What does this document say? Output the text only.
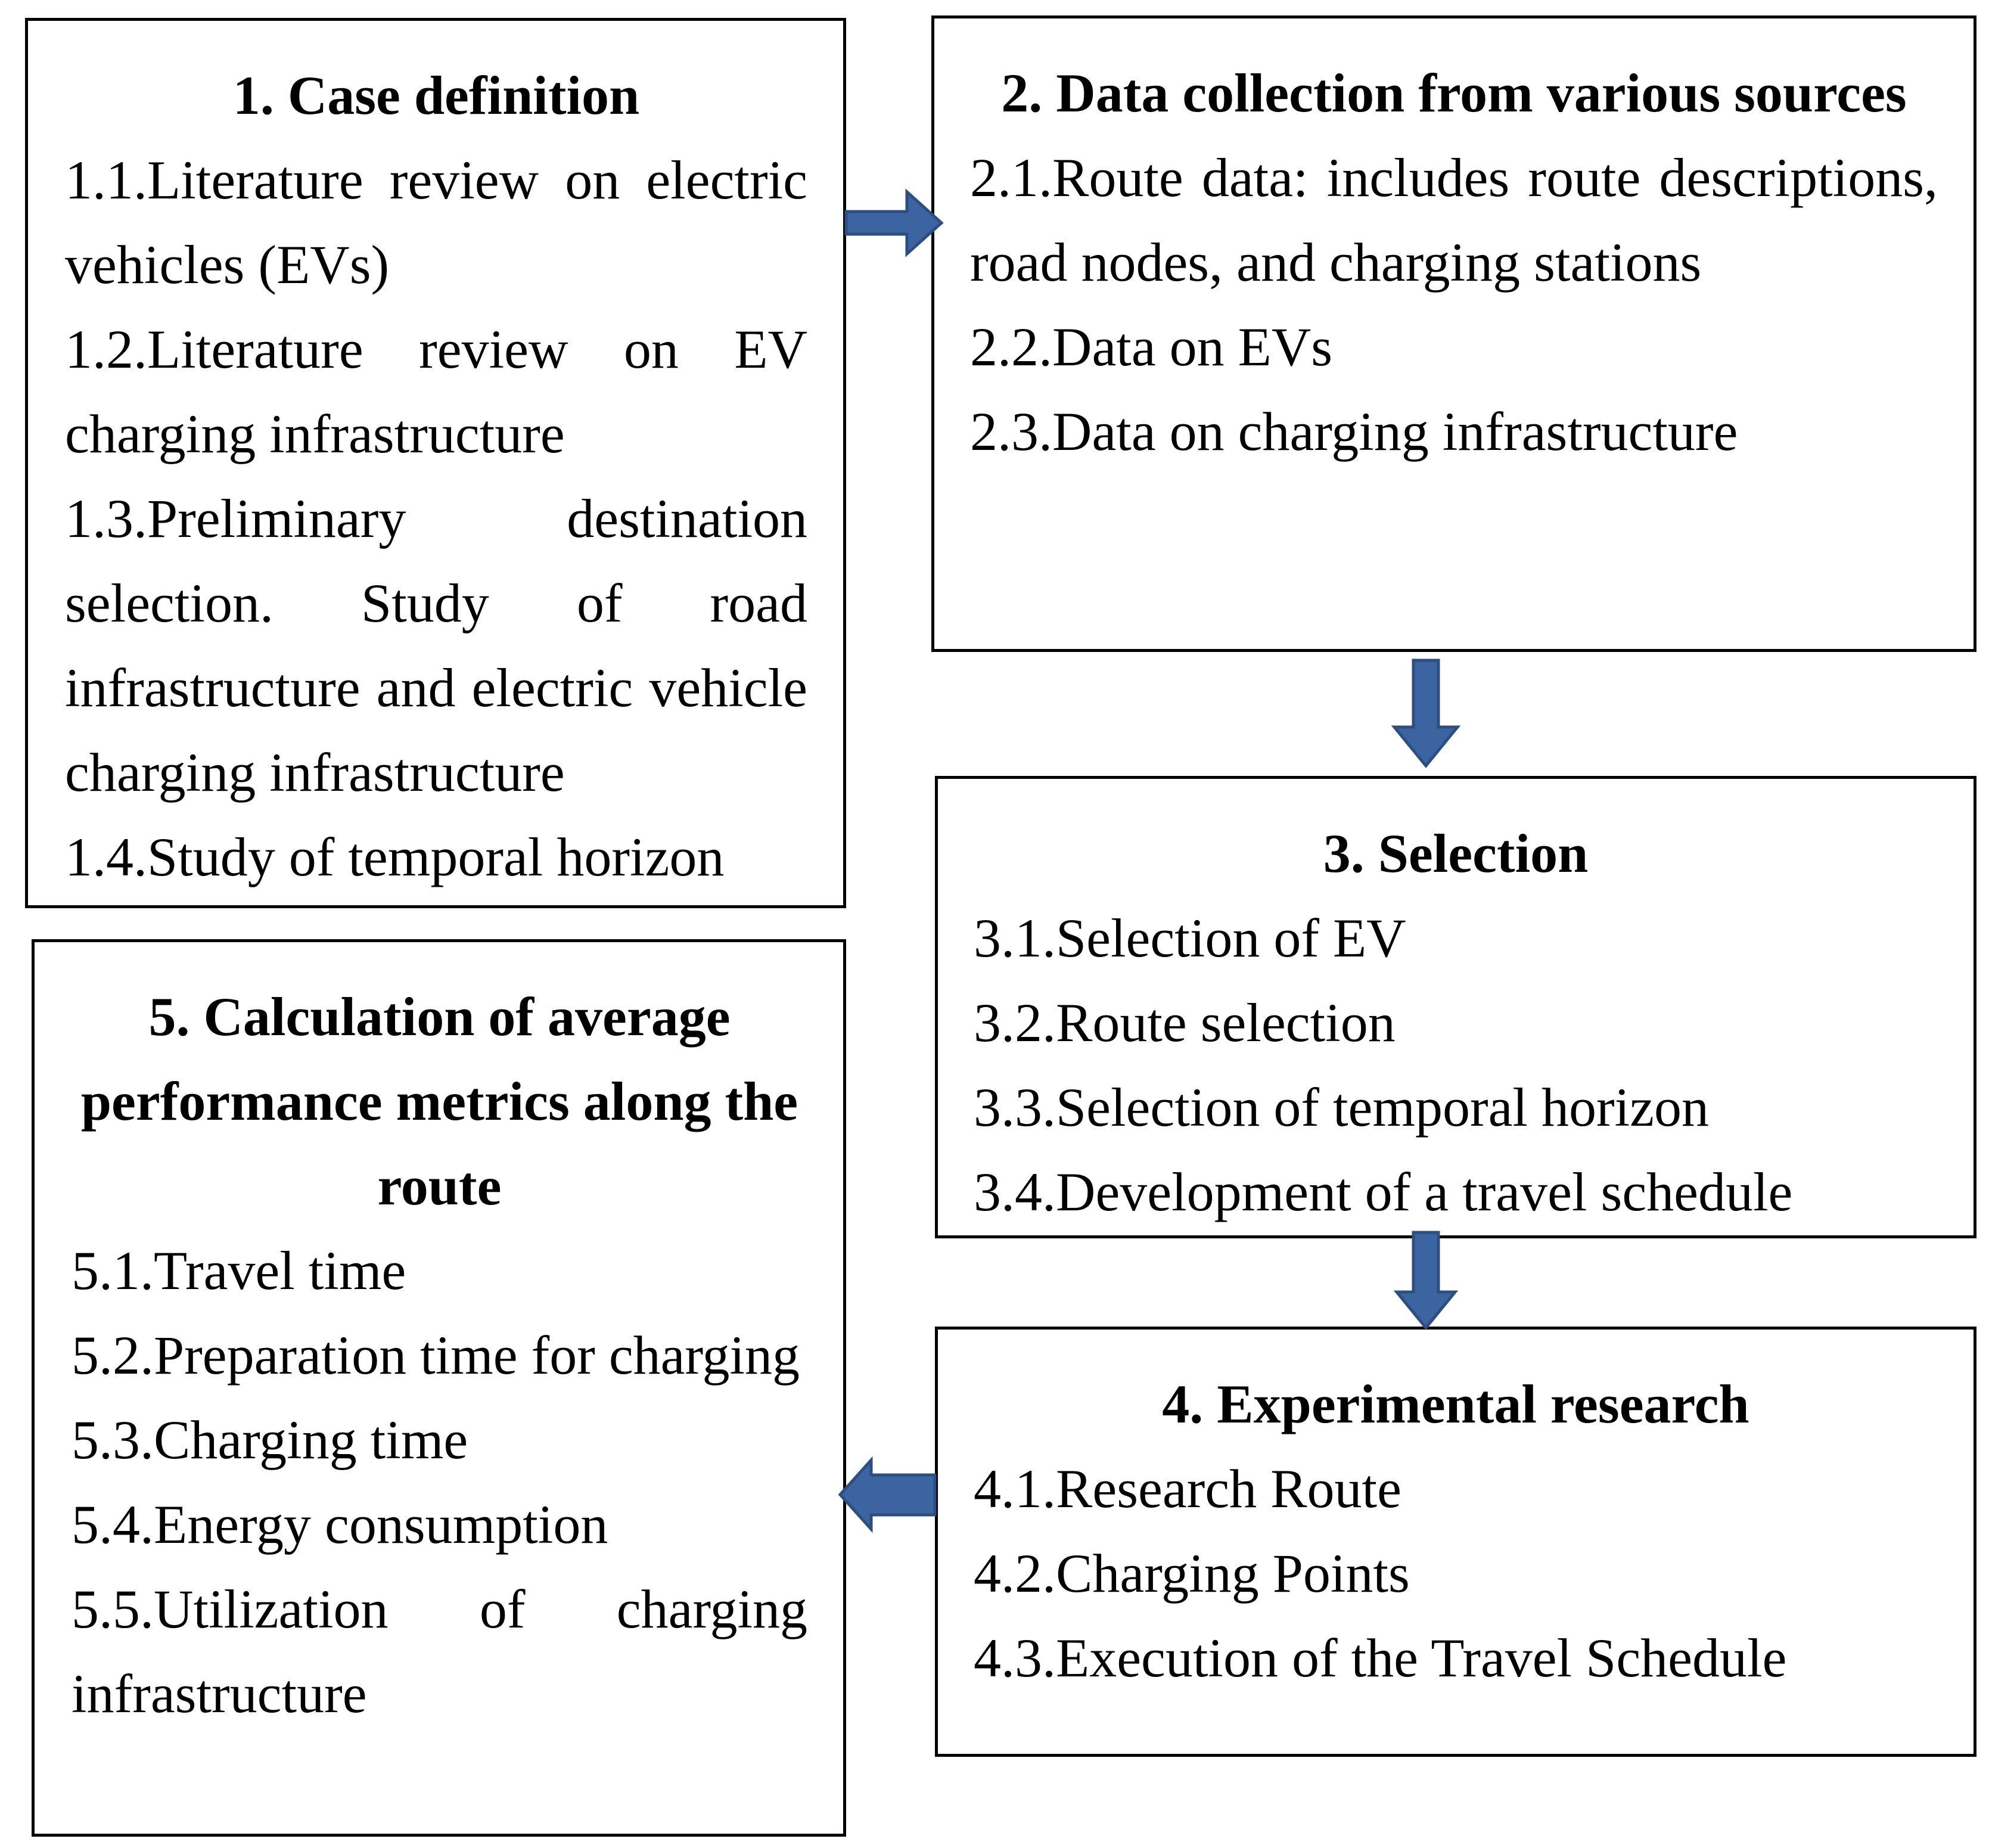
1. Case definition
1.1.Literature review on electric vehicles (EVs)
1.2.Literature review on EV charging infrastructure
1.3.Preliminary destination selection. Study of road infrastructure and electric vehicle charging infrastructure
1.4.Study of temporal horizon
2. Data collection from various sources
2.1.Route data: includes route descriptions, road nodes, and charging stations
2.2.Data on EVs
2.3.Data on charging infrastructure
3. Selection
3.1.Selection of EV
3.2.Route selection
3.3.Selection of temporal horizon
3.4.Development of a travel schedule
4. Experimental research
4.1.Research Route
4.2.Charging Points
4.3.Execution of the Travel Schedule
5. Calculation of average performance metrics along the route
5.1.Travel time
5.2.Preparation time for charging
5.3.Charging time
5.4.Energy consumption
5.5.Utilization of charging infrastructure
